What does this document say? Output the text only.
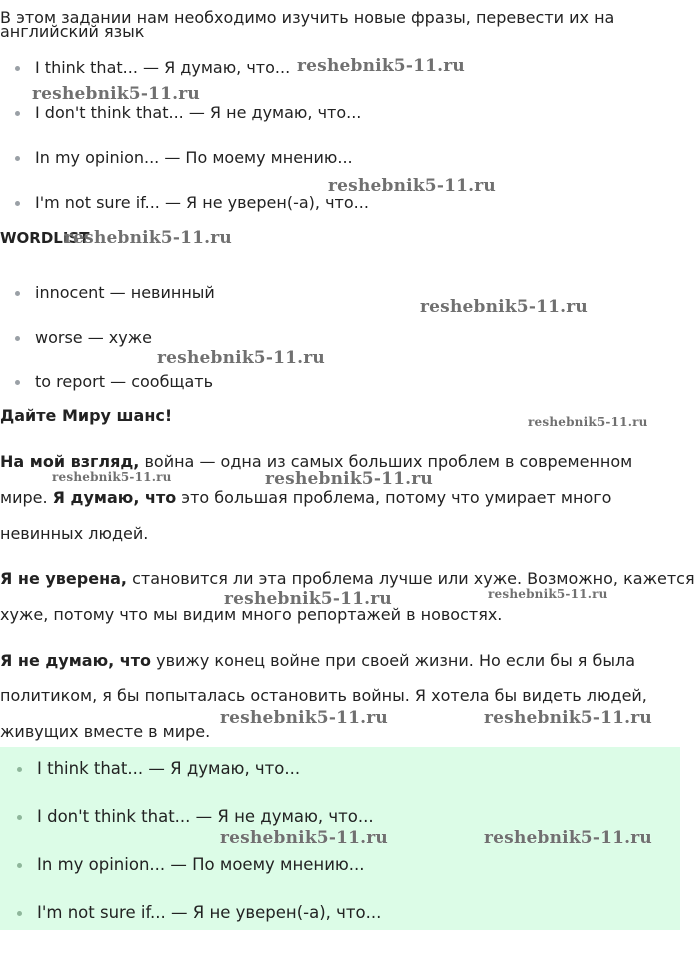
В этом задании нам необходимо изучить новые фразы, перевести их на
английский язык
I think that... — Я думаю, что...
I don't think that... — Я не думаю, что...
In my opinion... — По моему мнению...
I'm not sure if... — Я не уверен(-а), что...
WORDLIST
innocent — невинный
worse — хуже
to report — сообщать
Дайте Миру шанс!
На мой взгляд, война — одна из самых больших проблем в современном
мире. Я думаю, что это большая проблема, потому что умирает много
невинных людей.
Я не уверена, становится ли эта проблема лучше или хуже. Возможно, кажется
хуже, потому что мы видим много репортажей в новостях.
Я не думаю, что увижу конец войне при своей жизни. Но если бы я была
политиком, я бы попыталась остановить войны. Я хотела бы видеть людей,
живущих вместе в мире.
I think that... — Я думаю, что...
I don't think that... — Я не думаю, что...
In my opinion... — По моему мнению...
I'm not sure if... — Я не уверен(-а), что...
reshebnik5-11.ru
reshebnik5-11.ru
reshebnik5-11.ru
reshebnik5-11.ru
reshebnik5-11.ru
reshebnik5-11.ru
reshebnik5-11.ru
reshebnik5-11.ru	reshebnik5-11.ru
reshebnik5-11.ru	reshebnik5-11.ru
reshebnik5-11.ru	reshebnik5-11.ru
reshebnik5-11.ru	reshebnik5-11.ru
